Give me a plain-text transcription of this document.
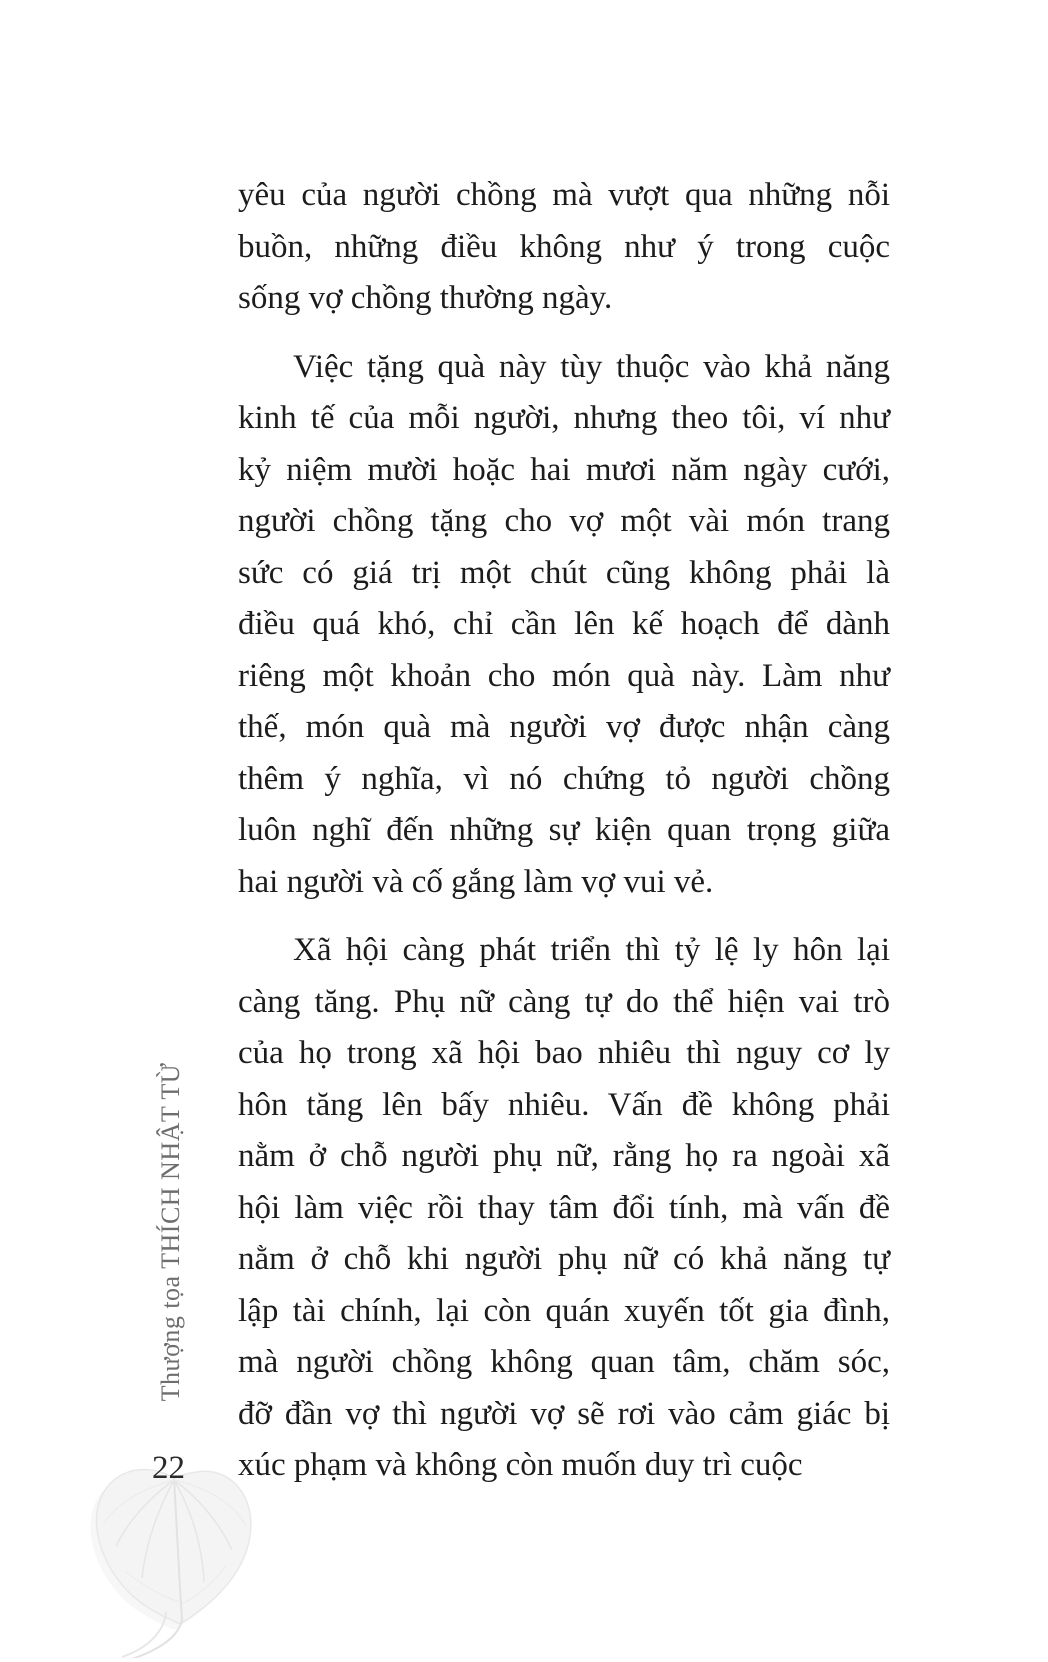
Thượng tọa THÍCH NHẬT TỪ
22
yêu của người chồng mà vượt qua những nỗi
buồn, những điều không như ý trong cuộc
sống vợ chồng thường ngày.
Việc tặng quà này tùy thuộc vào khả năng
kinh tế của mỗi người, nhưng theo tôi, ví như
kỷ niệm mười hoặc hai mươi năm ngày cưới,
người chồng tặng cho vợ một vài món trang
sức có giá trị một chút cũng không phải là
điều quá khó, chỉ cần lên kế hoạch để dành
riêng một khoản cho món quà này. Làm như
thế, món quà mà người vợ được nhận càng
thêm ý nghĩa, vì nó chứng tỏ người chồng
luôn nghĩ đến những sự kiện quan trọng giữa
hai người và cố gắng làm vợ vui vẻ.
Xã hội càng phát triển thì tỷ lệ ly hôn lại
càng tăng. Phụ nữ càng tự do thể hiện vai trò
của họ trong xã hội bao nhiêu thì nguy cơ ly
hôn tăng lên bấy nhiêu. Vấn đề không phải
nằm ở chỗ người phụ nữ, rằng họ ra ngoài xã
hội làm việc rồi thay tâm đổi tính, mà vấn đề
nằm ở chỗ khi người phụ nữ có khả năng tự
lập tài chính, lại còn quán xuyến tốt gia đình,
mà người chồng không quan tâm, chăm sóc,
đỡ đần vợ thì người vợ sẽ rơi vào cảm giác bị
xúc phạm và không còn muốn duy trì cuộc
